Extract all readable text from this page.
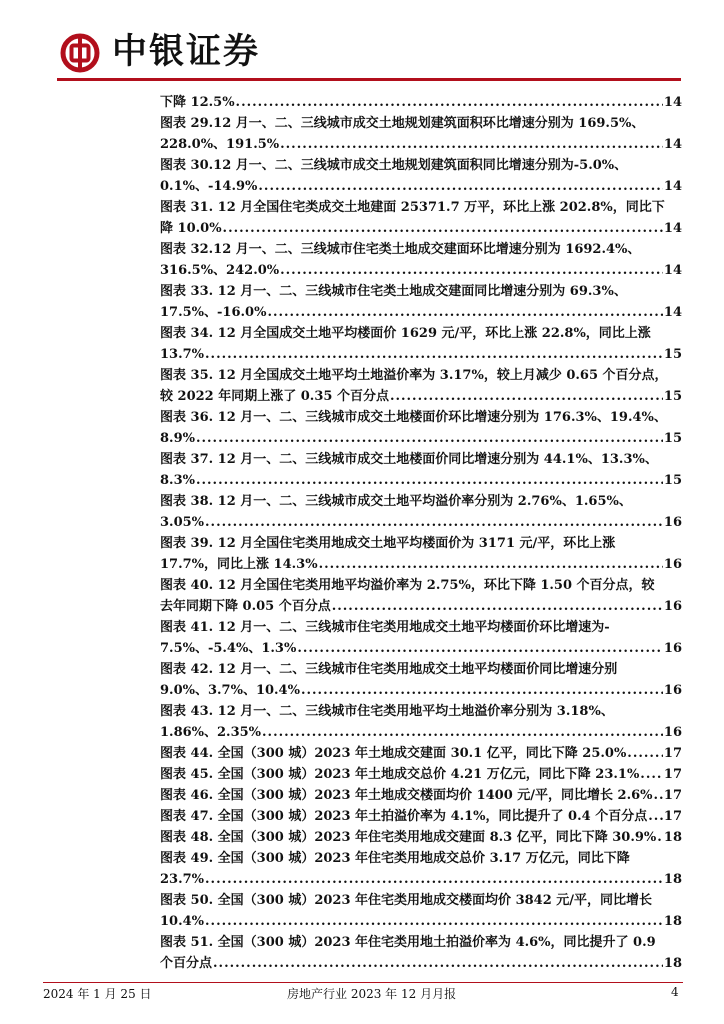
中银证券
下降 12.5% .....	14
图表 29.12 月一、二、三线城市成交土地规划建筑面积环比增速分别为 169.5%、
228.0%、191.5% .....	14
图表 30.12 月一、二、三线城市成交土地规划建筑面积同比增速分别为-5.0%、
0.1%、-14.9% .....	14
图表 31. 12 月全国住宅类成交土地建面 25371.7 万平，环比上涨 202.8%，同比下
降 10.0% .....	14
图表 32.12 月一、二、三线城市住宅类土地成交建面环比增速分别为 1692.4%、
316.5%、242.0% .....	14
图表 33. 12 月一、二、三线城市住宅类土地成交建面同比增速分别为 69.3%、
17.5%、-16.0% .....	14
图表 34. 12 月全国成交土地平均楼面价 1629 元/平，环比上涨 22.8%，同比上涨
13.7% .....	15
图表 35. 12 月全国成交土地平均土地溢价率为 3.17%，较上月减少 0.65 个百分点，
较 2022 年同期上涨了 0.35 个百分点 .....	15
图表 36. 12 月一、二、三线城市成交土地楼面价环比增速分别为 176.3%、19.4%、
8.9% .....	15
图表 37. 12 月一、二、三线城市成交土地楼面价同比增速分别为 44.1%、13.3%、
8.3% .....	15
图表 38. 12 月一、二、三线城市成交土地平均溢价率分别为 2.76%、1.65%、
3.05% .....	16
图表 39. 12 月全国住宅类用地成交土地平均楼面价为 3171 元/平，环比上涨
17.7%，同比上涨 14.3% .....	16
图表 40. 12 月全国住宅类用地平均溢价率为 2.75%，环比下降 1.50 个百分点，较
去年同期下降 0.05 个百分点 .....	16
图表 41. 12 月一、二、三线城市住宅类用地成交土地平均楼面价环比增速为-
7.5%、-5.4%、1.3% .....	16
图表 42. 12 月一、二、三线城市住宅类用地成交土地平均楼面价同比增速分别
9.0%、3.7%、10.4% .....	16
图表 43. 12 月一、二、三线城市住宅类用地平均土地溢价率分别为 3.18%、
1.86%、2.35% .....	16
图表 44. 全国（300 城）2023 年土地成交建面 30.1 亿平，同比下降 25.0% .....	17
图表 45. 全国（300 城）2023 年土地成交总价 4.21 万亿元，同比下降 23.1% ..... 17
图表 46. 全国（300 城）2023 年土地成交楼面均价 1400 元/平，同比增长 2.6% ..... 17
图表 47. 全国（300 城）2023 年土拍溢价率为 4.1%，同比提升了 0.4 个百分点 ..... 17
图表 48. 全国（300 城）2023 年住宅类用地成交建面 8.3 亿平，同比下降 30.9% ..... 18
图表 49. 全国（300 城）2023 年住宅类用地成交总价 3.17 万亿元，同比下降
23.7% .....	18
图表 50. 全国（300 城）2023 年住宅类用地成交楼面均价 3842 元/平，同比增长
10.4% .....	18
图表 51. 全国（300 城）2023 年住宅类用地土拍溢价率为 4.6%，同比提升了 0.9
个百分点 .....	18
2024 年 1 月 25 日	房地产行业 2023 年 12 月月报	4
